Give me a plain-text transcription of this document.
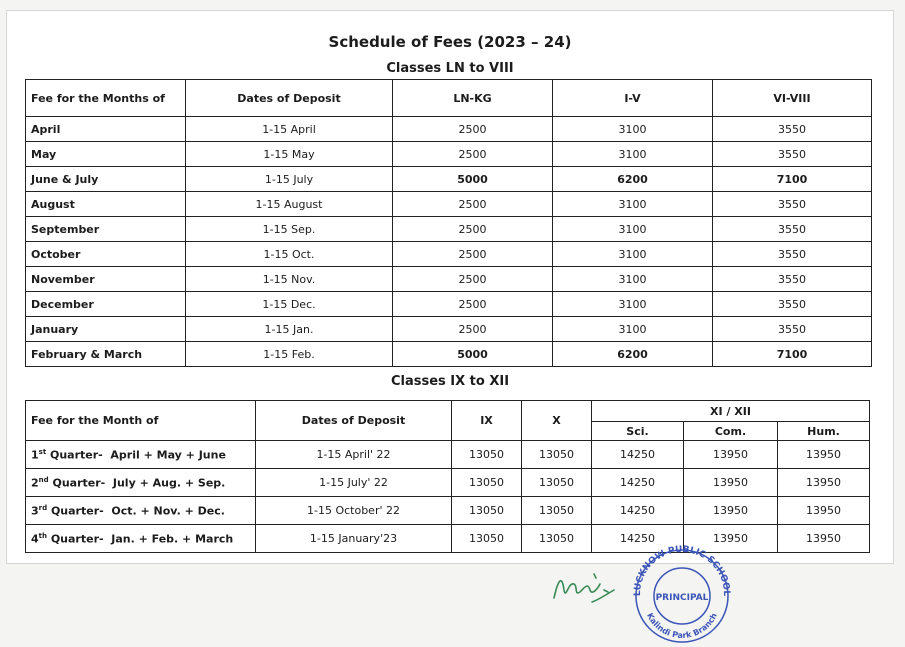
Schedule of Fees (2023 – 24)
Classes LN to VIII
Fee for the Months of	Dates of Deposit	LN-KG	I-V	VI-VIII
April	1-15 April	2500	3100	3550
May	1-15 May	2500	3100	3550
June & July	1-15 July	5000	6200	7100
August	1-15 August	2500	3100	3550
September	1-15 Sep.	2500	3100	3550
October	1-15 Oct.	2500	3100	3550
November	1-15 Nov.	2500	3100	3550
December	1-15 Dec.	2500	3100	3550
January	1-15 Jan.	2500	3100	3550
February & March	1-15 Feb.	5000	6200	7100
Classes IX to XII
Fee for the Month of	Dates of Deposit	IX	X	XI / XII		
				Sci.	Com.	Hum.
1st Quarter-  April + May + June	1-15 April' 22	13050	13050	14250	13950	13950
2nd Quarter-  July + Aug. + Sep.	1-15 July' 22	13050	13050	14250	13950	13950
3rd Quarter-  Oct. + Nov. + Dec.	1-15 October' 22	13050	13050	14250	13950	13950
4th Quarter-  Jan. + Feb. + March	1-15 January'23	13050	13050	14250	13950	13950
LUCKNOW PUBLIC SCHOOL
PRINCIPAL
Kalindi Park Branch
